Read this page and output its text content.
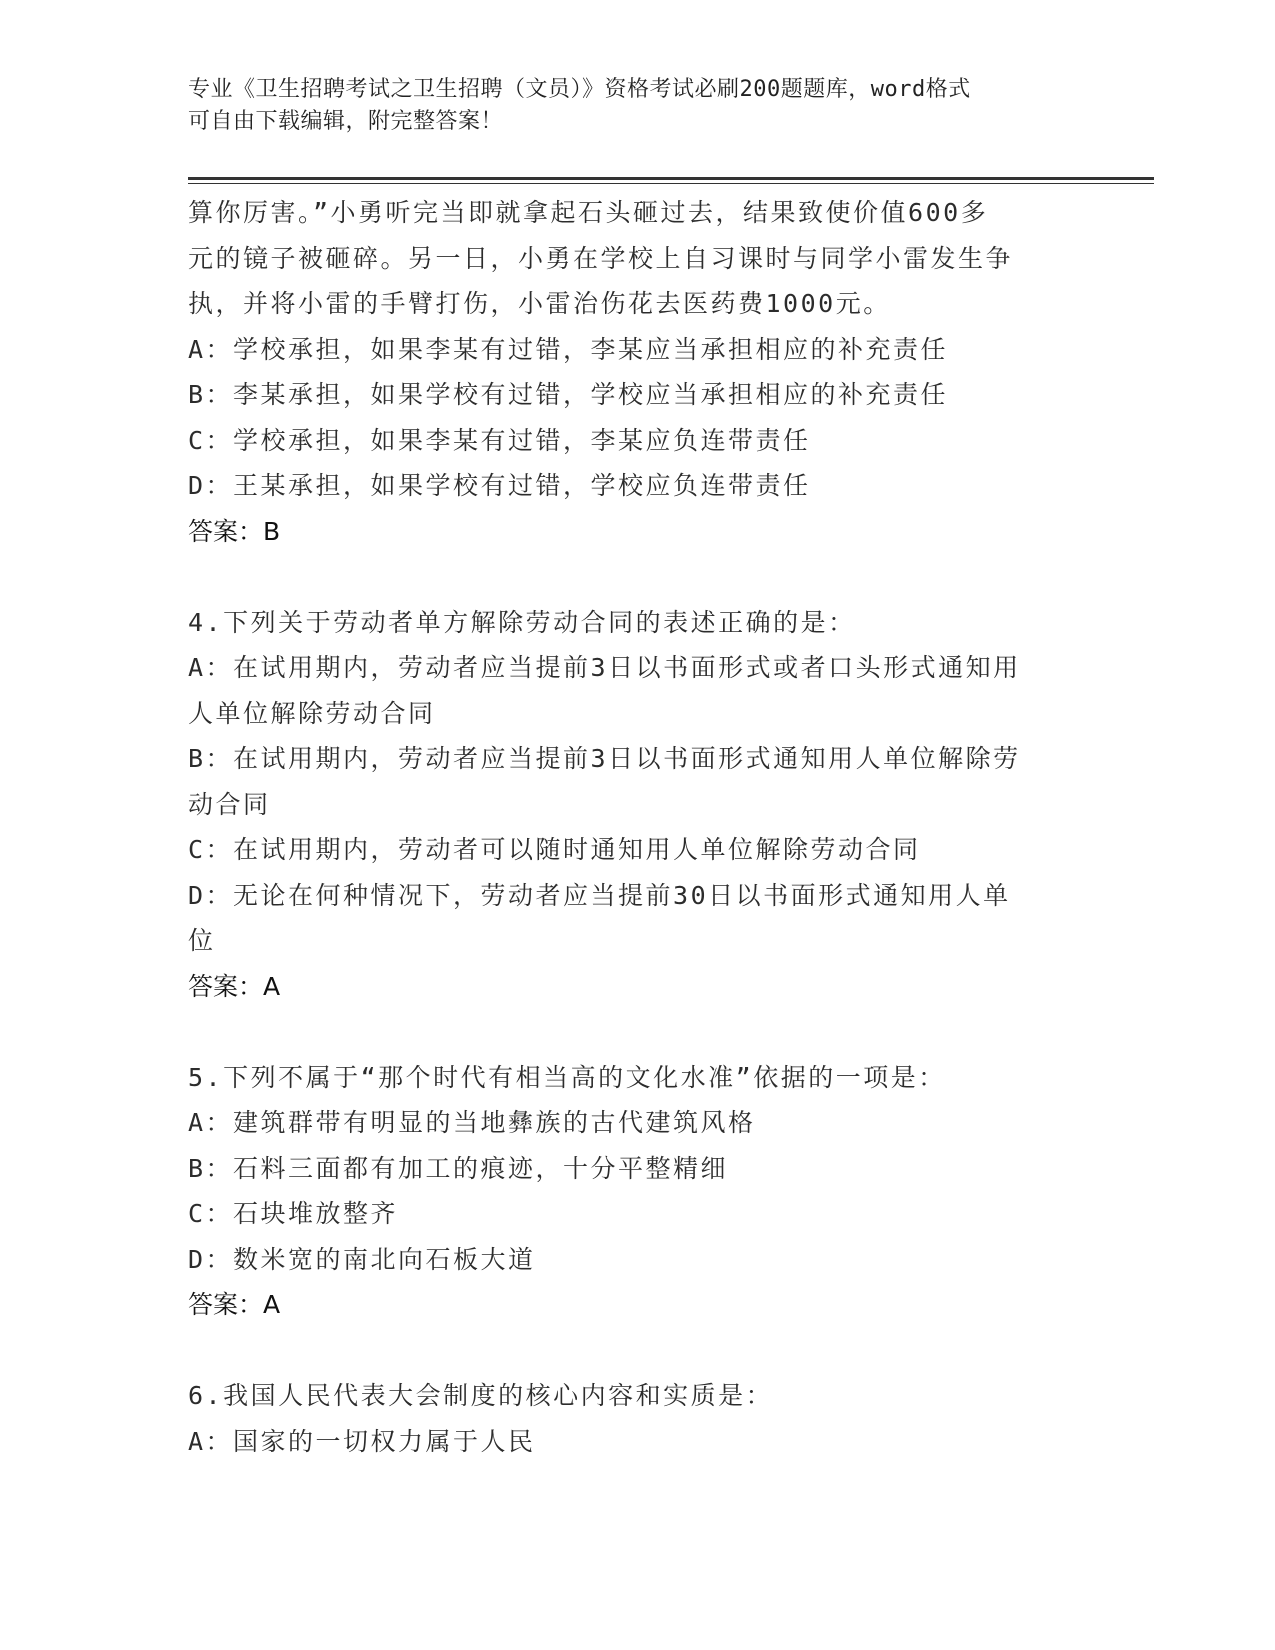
专业《卫生招聘考试之卫生招聘（文员）》资格考试必刷200题题库，word格式
可自由下载编辑，附完整答案！

算你厉害。”小勇听完当即就拿起石头砸过去，结果致使价值600多

元的镜子被砸碎。另一日，小勇在学校上自习课时与同学小雷发生争

执，并将小雷的手臂打伤，小雷治伤花去医药费1000元。

A：学校承担，如果李某有过错，李某应当承担相应的补充责任

B：李某承担，如果学校有过错，学校应当承担相应的补充责任

C：学校承担，如果李某有过错，李某应负连带责任

D：王某承担，如果学校有过错，学校应负连带责任

答案：B

4.下列关于劳动者单方解除劳动合同的表述正确的是：

A：在试用期内，劳动者应当提前3日以书面形式或者口头形式通知用

人单位解除劳动合同

B：在试用期内，劳动者应当提前3日以书面形式通知用人单位解除劳

动合同

C：在试用期内，劳动者可以随时通知用人单位解除劳动合同

D：无论在何种情况下，劳动者应当提前30日以书面形式通知用人单

位

答案：A

5.下列不属于“那个时代有相当高的文化水准”依据的一项是：

A：建筑群带有明显的当地彝族的古代建筑风格

B：石料三面都有加工的痕迹，十分平整精细

C：石块堆放整齐

D：数米宽的南北向石板大道

答案：A

6.我国人民代表大会制度的核心内容和实质是：

A：国家的一切权力属于人民
